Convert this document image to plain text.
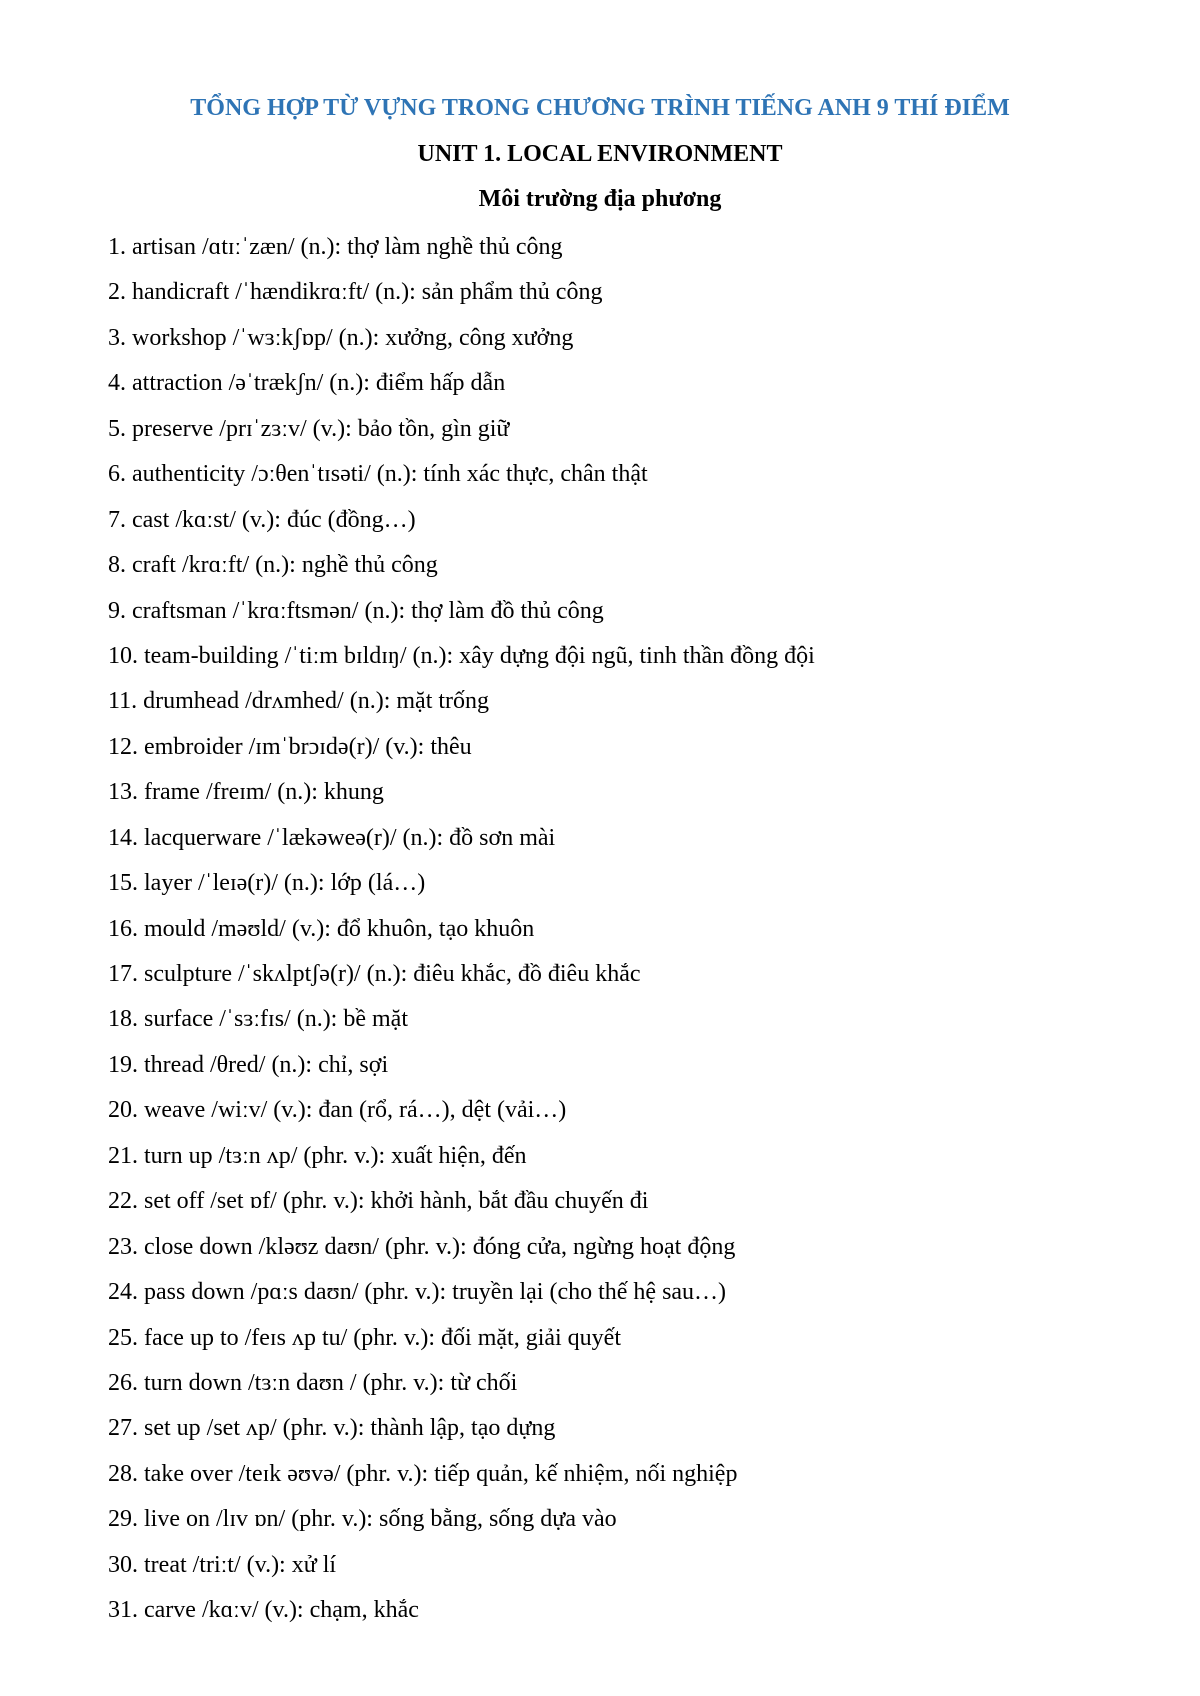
TỔNG HỢP TỪ VỰNG TRONG CHƯƠNG TRÌNH TIẾNG ANH 9 THÍ ĐIỂM
UNIT 1. LOCAL ENVIRONMENT
Môi trường địa phương
1. artisan /ɑtɪːˈzæn/ (n.): thợ làm nghề thủ công
2. handicraft /ˈhændikrɑːft/ (n.): sản phẩm thủ công
3. workshop /ˈwɜːkʃɒp/ (n.): xưởng, công xưởng
4. attraction /əˈtrækʃn/ (n.): điểm hấp dẫn
5. preserve /prɪˈzɜːv/ (v.): bảo tồn, gìn giữ
6. authenticity /ɔːθenˈtɪsəti/ (n.): tính xác thực, chân thật
7. cast /kɑːst/ (v.): đúc (đồng…)
8. craft /krɑːft/ (n.): nghề thủ công
9. craftsman /ˈkrɑːftsmən/ (n.): thợ làm đồ thủ công
10. team-building /ˈtiːm bɪldɪŋ/ (n.): xây dựng đội ngũ, tinh thần đồng đội
11. drumhead /drʌmhed/ (n.): mặt trống
12. embroider /ɪmˈbrɔɪdə(r)/ (v.): thêu
13. frame /freɪm/ (n.): khung
14. lacquerware /ˈlækəweə(r)/ (n.): đồ sơn mài
15. layer /ˈleɪə(r)/ (n.): lớp (lá…)
16. mould /məʊld/ (v.): đổ khuôn, tạo khuôn
17. sculpture /ˈskʌlptʃə(r)/ (n.): điêu khắc, đồ điêu khắc
18. surface /ˈsɜːfɪs/ (n.): bề mặt
19. thread /θred/ (n.): chỉ, sợi
20. weave /wiːv/ (v.): đan (rổ, rá…), dệt (vải…)
21. turn up /tɜːn ʌp/ (phr. v.): xuất hiện, đến
22. set off /set ɒf/ (phr. v.): khởi hành, bắt đầu chuyến đi
23. close down /kləʊz daʊn/ (phr. v.): đóng cửa, ngừng hoạt động
24. pass down /pɑːs daʊn/ (phr. v.): truyền lại (cho thế hệ sau…)
25. face up to /feɪs ʌp tu/ (phr. v.): đối mặt, giải quyết
26. turn down /tɜːn daʊn / (phr. v.): từ chối
27. set up /set ʌp/ (phr. v.): thành lập, tạo dựng
28. take over /teɪk əʊvə/ (phr. v.): tiếp quản, kế nhiệm, nối nghiệp
29. live on /lɪv ɒn/ (phr. v.): sống bằng, sống dựa vào
30. treat /triːt/ (v.): xử lí
31. carve /kɑːv/ (v.): chạm, khắc
